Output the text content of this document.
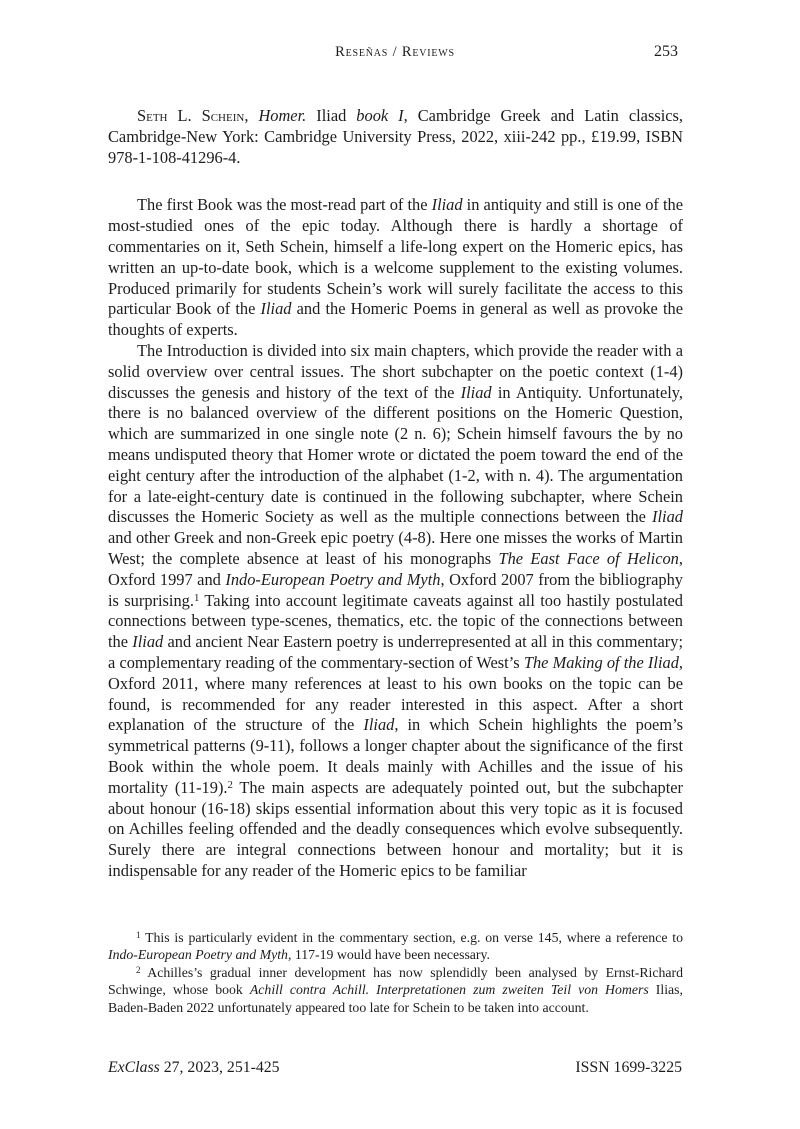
Reseñas / Reviews	253

Seth L. Schein, Homer. Iliad book I, Cambridge Greek and Latin classics, Cambridge-New York: Cambridge University Press, 2022, xiii-242 pp., £19.99, ISBN 978-1-108-41296-4.

The first Book was the most-read part of the Iliad in antiquity and still is one of the most-studied ones of the epic today. Although there is hardly a shortage of commentaries on it, Seth Schein, himself a life-long expert on the Homeric epics, has written an up-to-date book, which is a welcome supplement to the existing volumes. Produced primarily for students Schein’s work will surely facilitate the access to this particular Book of the Iliad and the Homeric Poems in general as well as provoke the thoughts of experts.

The Introduction is divided into six main chapters, which provide the reader with a solid overview over central issues. The short subchapter on the poetic context (1-4) discusses the genesis and history of the text of the Iliad in Antiquity. Unfortunately, there is no balanced overview of the different positions on the Homeric Question, which are summarized in one single note (2 n. 6); Schein himself favours the by no means undisputed theory that Homer wrote or dictated the poem toward the end of the eight century after the introduction of the alphabet (1-2, with n. 4). The argumentation for a late-eight-century date is continued in the following subchapter, where Schein discusses the Homeric Society as well as the multiple connections between the Iliad and other Greek and non-Greek epic poetry (4-8). Here one misses the works of Martin West; the complete absence at least of his monographs The East Face of Helicon, Oxford 1997 and Indo-European Poetry and Myth, Oxford 2007 from the bibliography is surprising.$^1$ Taking into account legitimate caveats against all too hastily postulated connections between type-scenes, thematics, etc. the topic of the connections between the Iliad and ancient Near Eastern poetry is underrepresented at all in this commentary; a complementary reading of the commentary-section of West’s The Making of the Iliad, Oxford 2011, where many references at least to his own books on the topic can be found, is recommended for any reader interested in this aspect. After a short explanation of the structure of the Iliad, in which Schein highlights the poem’s symmetrical patterns (9-11), follows a longer chapter about the significance of the first Book within the whole poem. It deals mainly with Achilles and the issue of his mortality (11-19).$^2$ The main aspects are adequately pointed out, but the subchapter about honour (16-18) skips essential information about this very topic as it is focused on Achilles feeling offended and the deadly consequences which evolve subsequently. Surely there are integral connections between honour and mortality; but it is indispensable for any reader of the Homeric epics to be familiar

$^1$ This is particularly evident in the commentary section, e.g. on verse 145, where a reference to Indo-European Poetry and Myth, 117-19 would have been necessary.

$^2$ Achilles’s gradual inner development has now splendidly been analysed by Ernst-Richard Schwinge, whose book Achill contra Achill. Interpretationen zum zweiten Teil von Homers Ilias, Baden-Baden 2022 unfortunately appeared too late for Schein to be taken into account.

ExClass 27, 2023, 251-425	ISSN 1699-3225
